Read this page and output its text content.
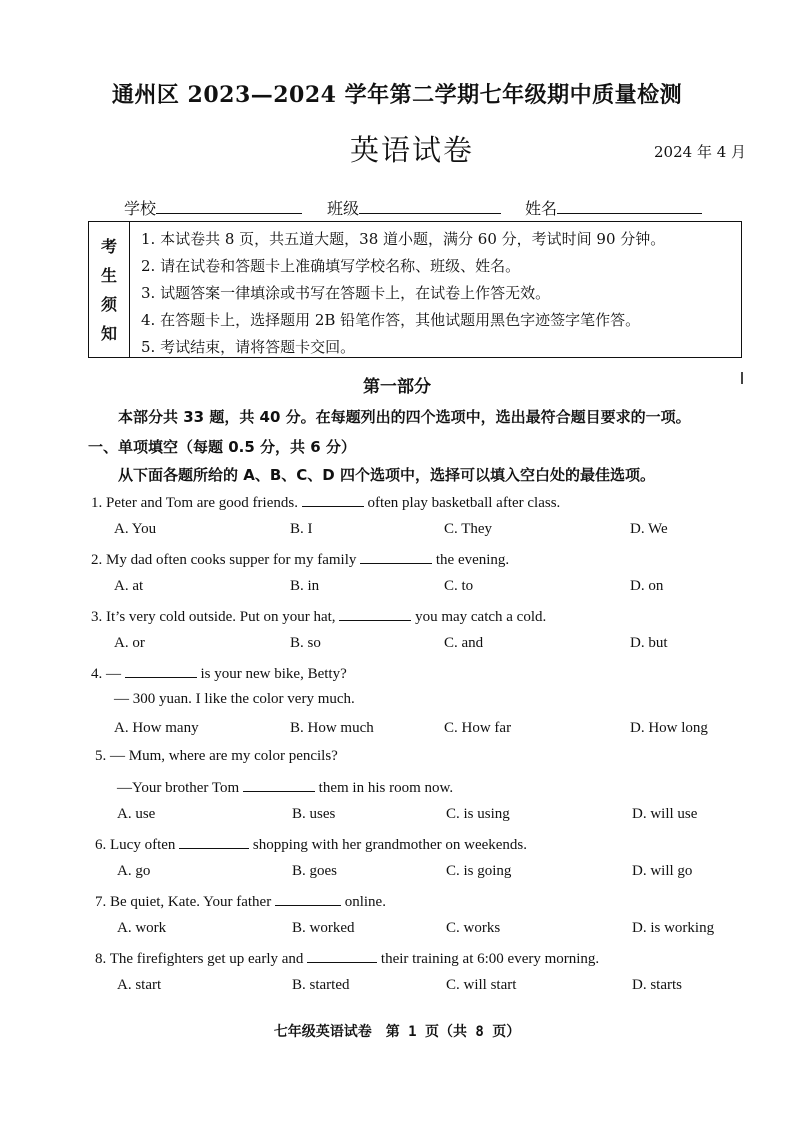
通州区 2023—2024 学年第二学期七年级期中质量检测
英语试卷	2024 年 4 月
学校	班级	姓名
考
生
须
知
1. 本试卷共 8 页，共五道大题，38 道小题，满分 60 分，考试时间 90 分钟。
2. 请在试卷和答题卡上准确填写学校名称、班级、姓名。
3. 试题答案一律填涂或书写在答题卡上，在试卷上作答无效。
4. 在答题卡上，选择题用 2B 铅笔作答，其他试题用黑色字迹签字笔作答。
5. 考试结束，请将答题卡交回。
第一部分
本部分共 33 题，共 40 分。在每题列出的四个选项中，选出最符合题目要求的一项。
一、单项填空（每题 0.5 分，共 6 分）
从下面各题所给的 A、B、C、D 四个选项中，选择可以填入空白处的最佳选项。
1. Peter and Tom are good friends.	often play basketball after class.
A. You	B. I	C. They	D. We
2. My dad often cooks supper for my family	the evening.
A. at	B. in	C. to	D. on
3. It’s very cold outside. Put on your hat,	you may catch a cold.
A. or	B. so	C. and	D. but
4. —	is your new bike, Betty?
— 300 yuan. I like the color very much.
A. How many	B. How much	C. How far	D. How long
5. — Mum, where are my color pencils?
—Your brother Tom	them in his room now.
A. use	B. uses	C. is using	D. will use
6. Lucy often	shopping with her grandmother on weekends.
A. go	B. goes	C. is going	D. will go
7. Be quiet, Kate. Your father	online.
A. work	B. worked	C. works	D. is working
8. The firefighters get up early and	their training at 6:00 every morning.
A. start	B. started	C. will start	D. starts
七年级英语试卷　第 1 页（共 8 页）
